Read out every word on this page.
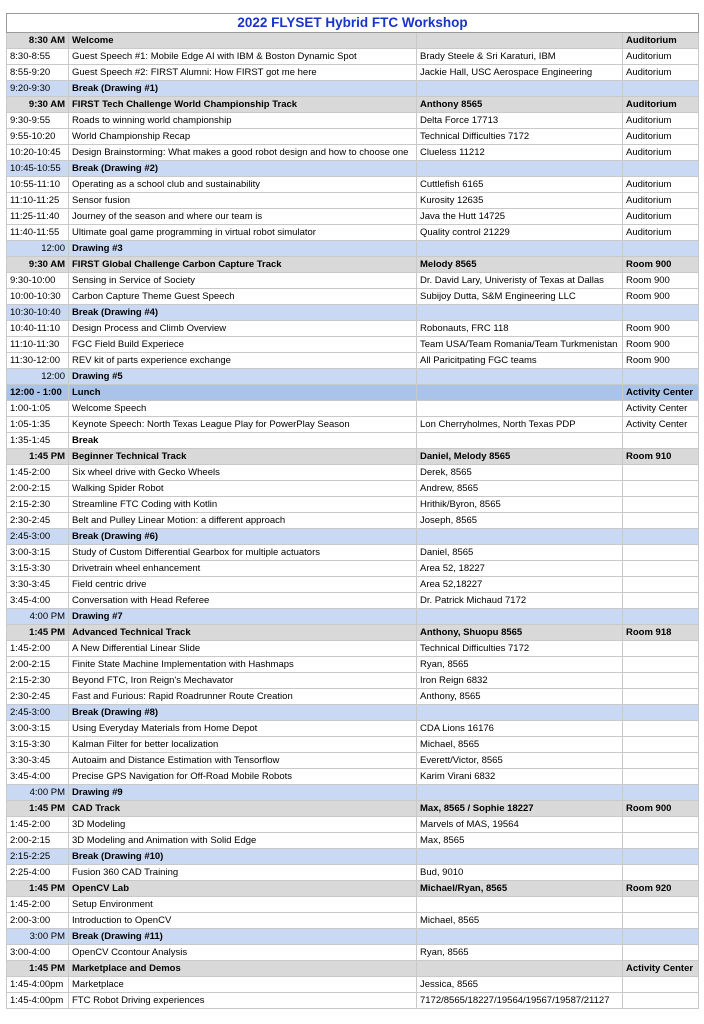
2022 FLYSET Hybrid FTC Workshop			
8:30 AM	Welcome		Auditorium
8:30-8:55	Guest Speech #1: Mobile Edge AI with IBM & Boston Dynamic Spot	Brady Steele & Sri Karaturi, IBM	Auditorium
8:55-9:20	Guest Speech #2: FIRST Alumni: How FIRST got me here	Jackie Hall, USC Aerospace Engineering	Auditorium
9:20-9:30	Break (Drawing #1)		
9:30 AM	FIRST Tech Challenge World Championship Track	Anthony 8565	Auditorium
9:30-9:55	Roads to winning world championship	Delta Force 17713	Auditorium
9:55-10:20	World Championship Recap	Technical Difficulties 7172	Auditorium
10:20-10:45	Design Brainstorming: What makes a good robot design and how to choose one	Clueless 11212	Auditorium
10:45-10:55	Break (Drawing #2)		
10:55-11:10	Operating as a school club and sustainability	Cuttlefish 6165	Auditorium
11:10-11:25	Sensor fusion	Kurosity 12635	Auditorium
11:25-11:40	Journey of the season and where our team is	Java the Hutt 14725	Auditorium
11:40-11:55	Ultimate goal game programming in virtual robot simulator	Quality control 21229	Auditorium
12:00	Drawing #3		
9:30 AM	FIRST Global Challenge Carbon Capture Track	Melody 8565	Room 900
9:30-10:00	Sensing in Service of Society	Dr. David Lary, Univeristy of Texas at Dallas	Room 900
10:00-10:30	Carbon Capture Theme Guest Speech	Subijoy Dutta, S&M Engineering LLC	Room 900
10:30-10:40	Break (Drawing #4)		
10:40-11:10	Design Process and Climb Overview	Robonauts, FRC 118	Room 900
11:10-11:30	FGC Field Build Experiece	Team USA/Team Romania/Team Turkmenistan	Room 900
11:30-12:00	REV kit of parts experience exchange	All Paricitpating FGC teams	Room 900
12:00	Drawing #5		
12:00 - 1:00	Lunch		Activity Center
1:00-1:05	Welcome Speech		Activity Center
1:05-1:35	Keynote Speech: North Texas League Play for PowerPlay Season	Lon Cherryholmes, North Texas PDP	Activity Center
1:35-1:45	Break		
1:45 PM	Beginner Technical Track	Daniel, Melody 8565	Room 910
1:45-2:00	Six wheel drive with Gecko Wheels	Derek, 8565	
2:00-2:15	Walking Spider Robot	Andrew, 8565	
2:15-2:30	Streamline FTC Coding with Kotlin	Hrithik/Byron, 8565	
2:30-2:45	Belt and Pulley Linear Motion: a different approach	Joseph, 8565	
2:45-3:00	Break (Drawing #6)		
3:00-3:15	Study of Custom Differential Gearbox for multiple actuators	Daniel, 8565	
3:15-3:30	Drivetrain wheel enhancement	Area 52, 18227	
3:30-3:45	Field centric drive	Area 52,18227	
3:45-4:00	Conversation with Head Referee	Dr. Patrick Michaud 7172	
4:00 PM	Drawing #7		
1:45 PM	Advanced Technical Track	Anthony, Shuopu 8565	Room 918
1:45-2:00	A New Differential Linear Slide	Technical Difficulties 7172	
2:00-2:15	Finite State Machine Implementation with Hashmaps	Ryan, 8565	
2:15-2:30	Beyond FTC, Iron Reign's Mechavator	Iron Reign 6832	
2:30-2:45	Fast and Furious: Rapid Roadrunner Route Creation	Anthony, 8565	
2:45-3:00	Break (Drawing #8)		
3:00-3:15	Using Everyday Materials from Home Depot	CDA Lions 16176	
3:15-3:30	Kalman Filter for better localization	Michael, 8565	
3:30-3:45	Autoaim and Distance Estimation with Tensorflow	Everett/Victor, 8565	
3:45-4:00	Precise GPS Navigation for Off-Road Mobile Robots	Karim Virani 6832	
4:00 PM	Drawing #9		
1:45 PM	CAD Track	Max, 8565 / Sophie 18227	Room 900
1:45-2:00	3D Modeling	Marvels of MAS, 19564	
2:00-2:15	3D Modeling and Animation with Solid Edge	Max, 8565	
2:15-2:25	Break (Drawing #10)		
2:25-4:00	Fusion 360 CAD Training	Bud, 9010	
1:45 PM	OpenCV Lab	Michael/Ryan, 8565	Room 920
1:45-2:00	Setup Environment		
2:00-3:00	Introduction to OpenCV	Michael, 8565	
3:00 PM	Break (Drawing #11)		
3:00-4:00	OpenCV Ccontour Analysis	Ryan, 8565	
1:45 PM	Marketplace and Demos		Activity Center
1:45-4:00pm	Marketplace	Jessica, 8565	
1:45-4:00pm	FTC Robot Driving experiences	7172/8565/18227/19564/19567/19587/21127	
